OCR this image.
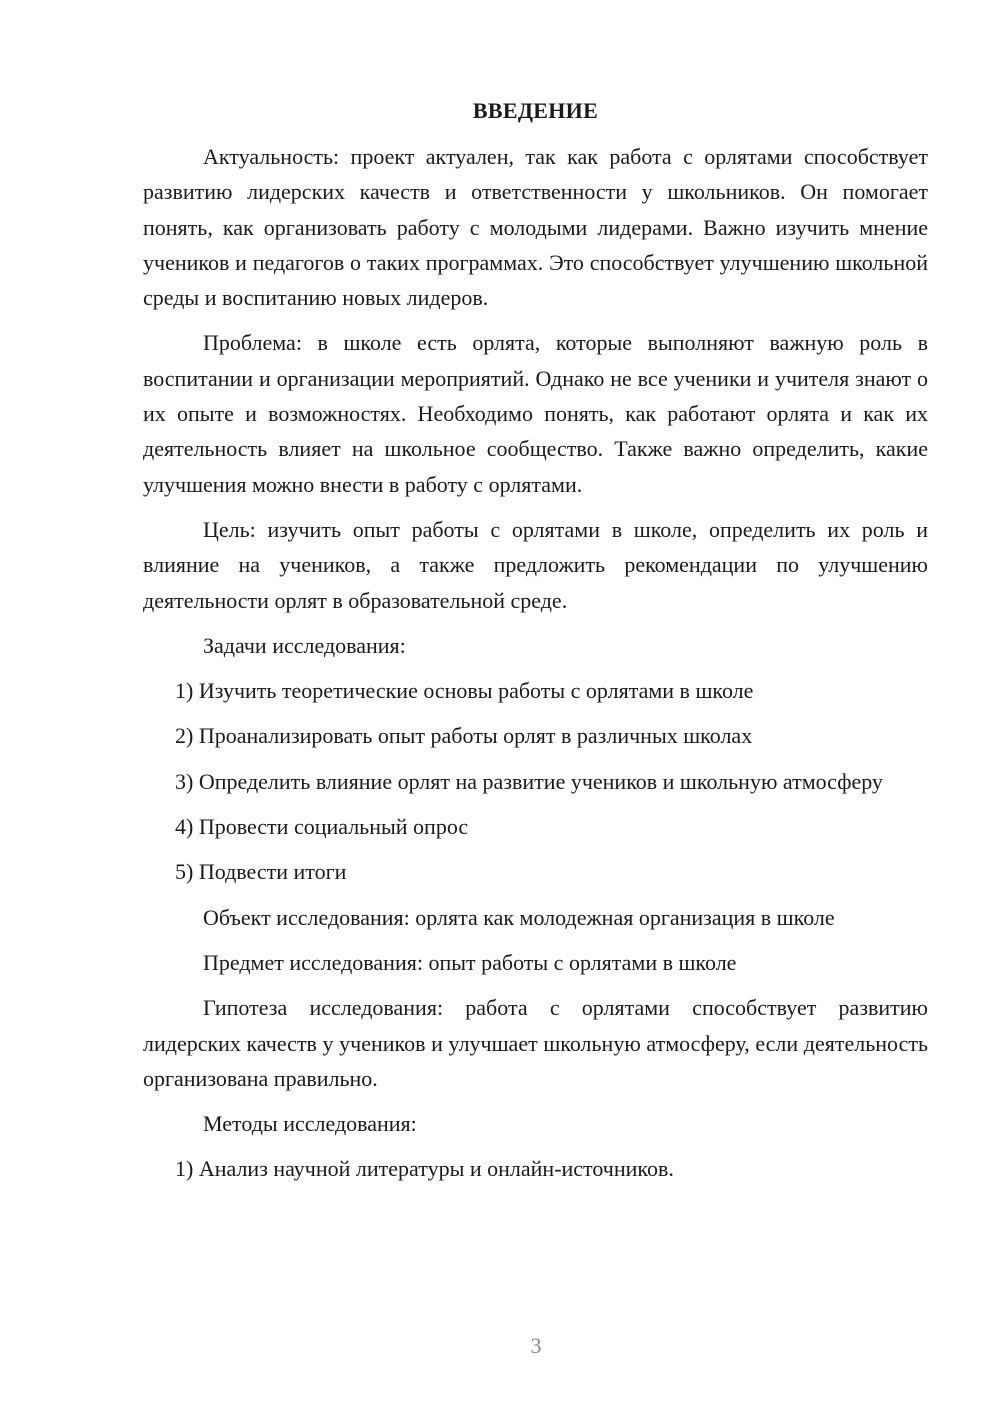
ВВЕДЕНИЕ

Актуальность: проект актуален, так как работа с орлятами способствует развитию лидерских качеств и ответственности у школьников. Он помогает понять, как организовать работу с молодыми лидерами. Важно изучить мнение учеников и педагогов о таких программах. Это способствует улучшению школьной среды и воспитанию новых лидеров.

Проблема: в школе есть орлята, которые выполняют важную роль в воспитании и организации мероприятий. Однако не все ученики и учителя знают о их опыте и возможностях. Необходимо понять, как работают орлята и как их деятельность влияет на школьное сообщество. Также важно определить, какие улучшения можно внести в работу с орлятами.

Цель: изучить опыт работы с орлятами в школе, определить их роль и влияние на учеников, а также предложить рекомендации по улучшению деятельности орлят в образовательной среде.

Задачи исследования:

1) Изучить теоретические основы работы с орлятами в школе

2) Проанализировать опыт работы орлят в различных школах

3) Определить влияние орлят на развитие учеников и школьную атмосферу

4) Провести социальный опрос

5) Подвести итоги

Объект исследования: орлята как молодежная организация в школе

Предмет исследования: опыт работы с орлятами в школе

Гипотеза исследования: работа с орлятами способствует развитию лидерских качеств у учеников и улучшает школьную атмосферу, если деятельность организована правильно.

Методы исследования:

1) Анализ научной литературы и онлайн-источников.

3
